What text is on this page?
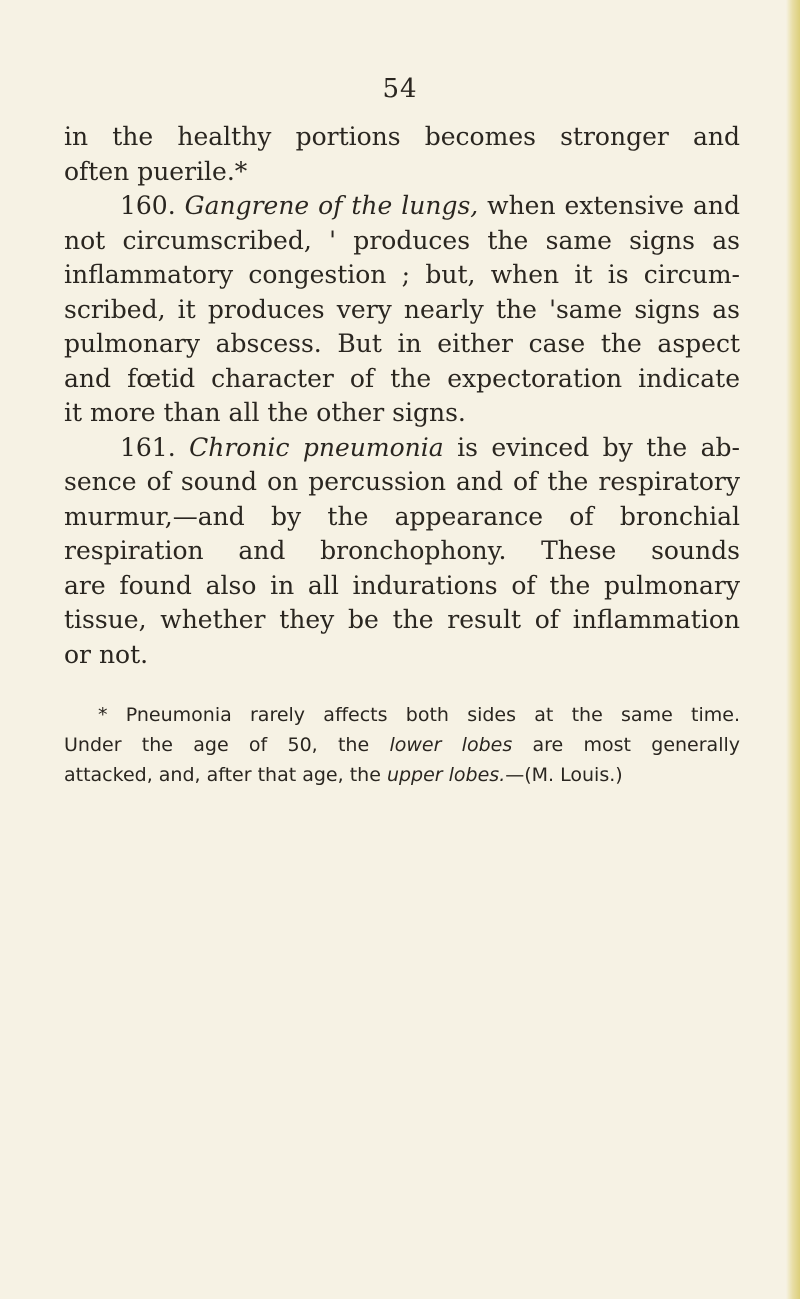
54
in the healthy portions becomes stronger and
often puerile.*
160. Gangrene of the lungs, when extensive and
not circumscribed, ' produces the same signs as
inflammatory congestion ; but, when it is circum-
scribed, it produces very nearly the 'same signs as
pulmonary abscess. But in either case the aspect
and fœtid character of the expectoration indicate
it more than all the other signs.
161. Chronic pneumonia is evinced by the ab-
sence of sound on percussion and of the respiratory
murmur,—and by the appearance of bronchial
respiration and bronchophony. These sounds
are found also in all indurations of the pulmonary
tissue, whether they be the result of inflammation
or not.
* Pneumonia rarely affects both sides at the same time.
Under the age of 50, the lower lobes are most generally
attacked, and, after that age, the upper lobes.—(M. Louis.)
